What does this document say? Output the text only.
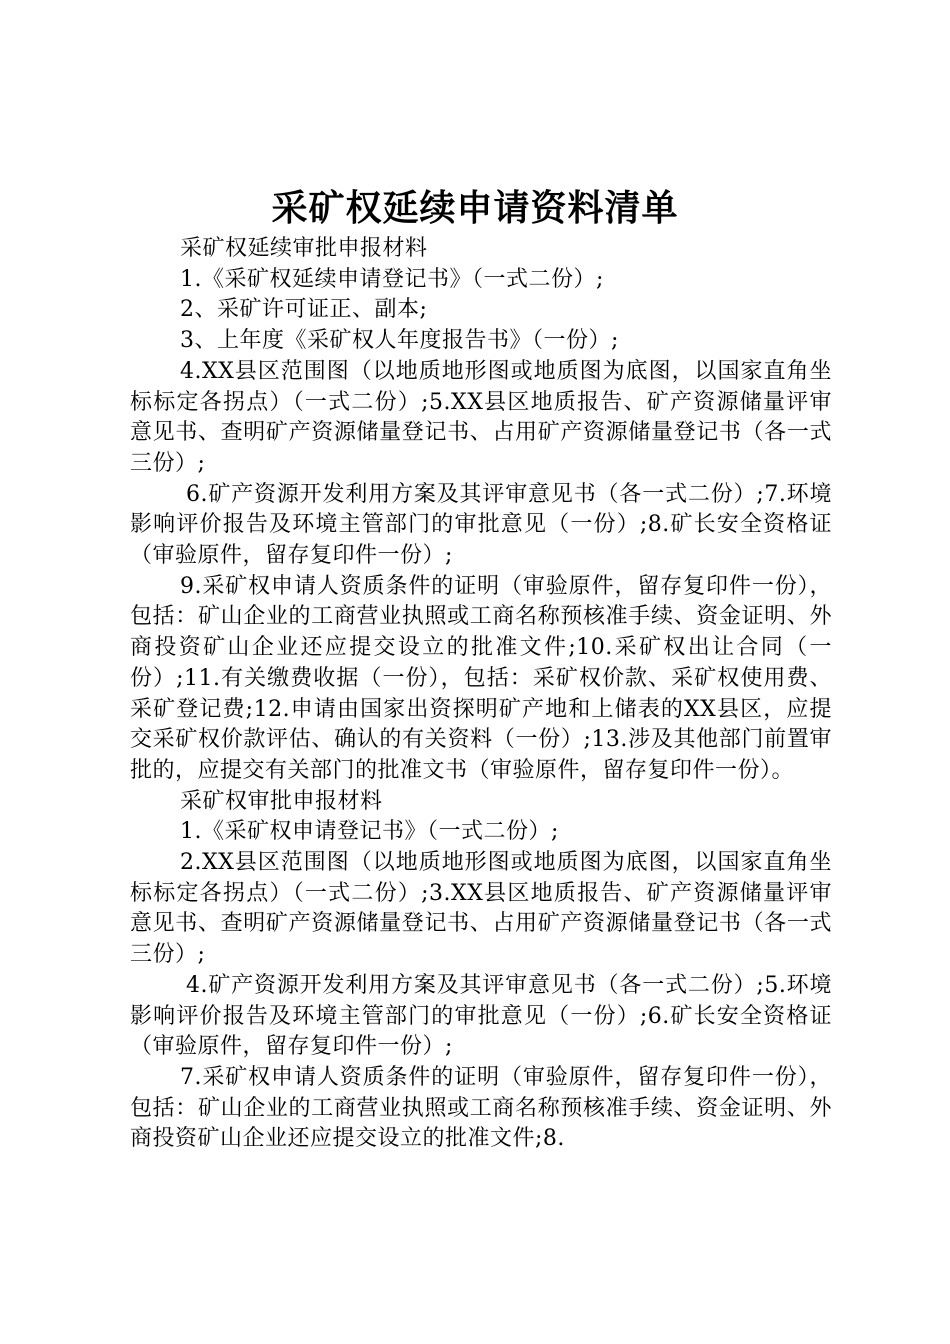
采矿权延续申请资料清单

采矿权延续审批申报材料

1.《采矿权延续申请登记书》（一式二份）;

2、采矿许可证正、副本;

3、上年度《采矿权人年度报告书》（一份）;

4.XX县区范围图（以地质地形图或地质图为底图，以国家直角坐标标定各拐点）（一式二份）;5.XX县区地质报告、矿产资源储量评审意见书、查明矿产资源储量登记书、占用矿产资源储量登记书（各一式三份）;

6.矿产资源开发利用方案及其评审意见书（各一式二份）;7.环境影响评价报告及环境主管部门的审批意见（一份）;8.矿长安全资格证（审验原件，留存复印件一份）;

9.采矿权申请人资质条件的证明（审验原件，留存复印件一份），包括：矿山企业的工商营业执照或工商名称预核准手续、资金证明、外商投资矿山企业还应提交设立的批准文件;10.采矿权出让合同（一份）;11.有关缴费收据（一份），包括：采矿权价款、采矿权使用费、采矿登记费;12.申请由国家出资探明矿产地和上储表的XX县区，应提交采矿权价款评估、确认的有关资料（一份）;13.涉及其他部门前置审批的，应提交有关部门的批准文书（审验原件，留存复印件一份）。

采矿权审批申报材料

1.《采矿权申请登记书》（一式二份）;

2.XX县区范围图（以地质地形图或地质图为底图，以国家直角坐标标定各拐点）（一式二份）;3.XX县区地质报告、矿产资源储量评审意见书、查明矿产资源储量登记书、占用矿产资源储量登记书（各一式三份）;

4.矿产资源开发利用方案及其评审意见书（各一式二份）;5.环境影响评价报告及环境主管部门的审批意见（一份）;6.矿长安全资格证（审验原件，留存复印件一份）;

7.采矿权申请人资质条件的证明（审验原件，留存复印件一份），包括：矿山企业的工商营业执照或工商名称预核准手续、资金证明、外商投资矿山企业还应提交设立的批准文件;8.
